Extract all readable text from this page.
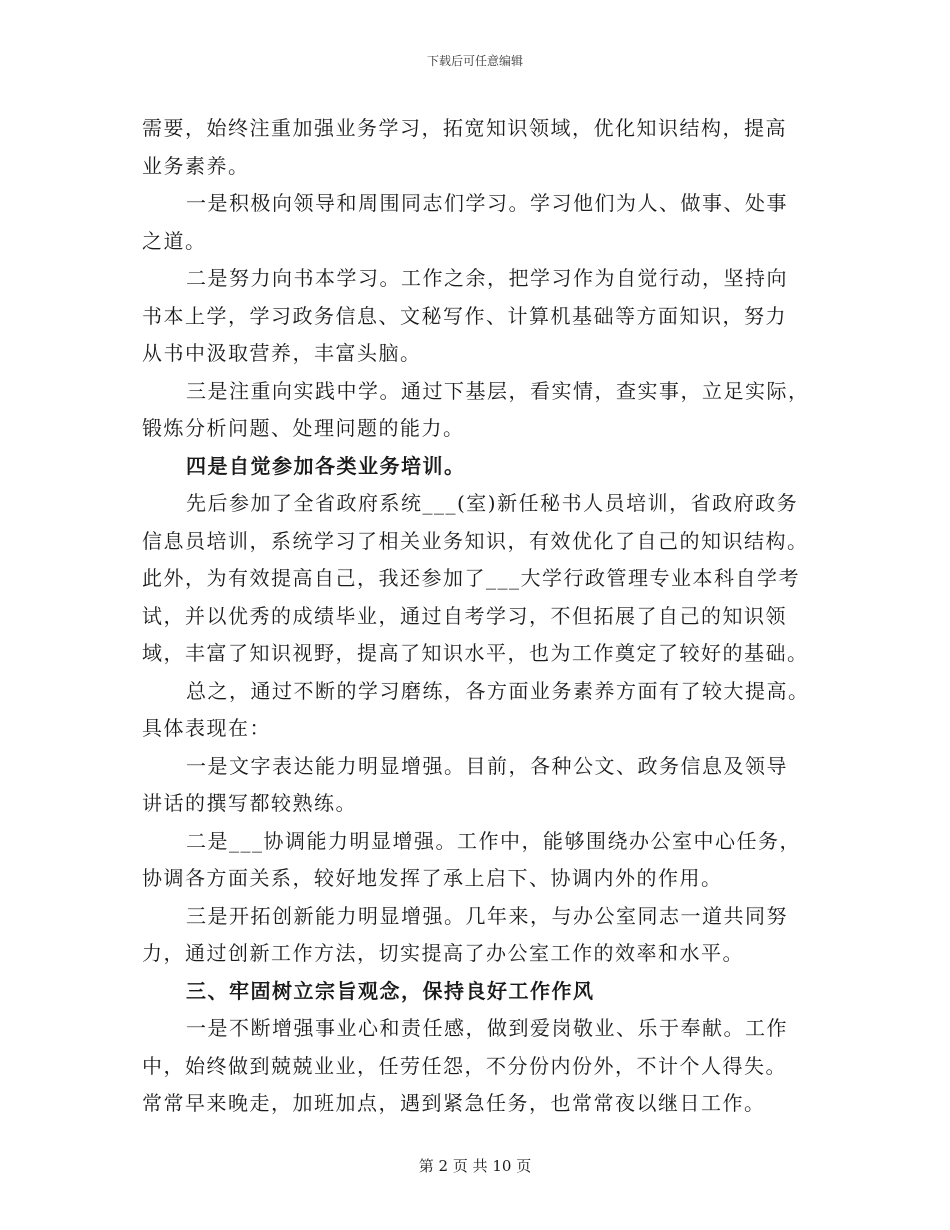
下载后可任意编辑
需要，始终注重加强业务学习，拓宽知识领域，优化知识结构，提高
业务素养。
一是积极向领导和周围同志们学习。学习他们为人、做事、处事
之道。
二是努力向书本学习。工作之余，把学习作为自觉行动，坚持向
书本上学，学习政务信息、文秘写作、计算机基础等方面知识，努力
从书中汲取营养，丰富头脑。
三是注重向实践中学。通过下基层，看实情，查实事，立足实际，
锻炼分析问题、处理问题的能力。
四是自觉参加各类业务培训。
先后参加了全省政府系统___(室)新任秘书人员培训，省政府政务
信息员培训，系统学习了相关业务知识，有效优化了自己的知识结构。
此外，为有效提高自己，我还参加了___大学行政管理专业本科自学考
试，并以优秀的成绩毕业，通过自考学习，不但拓展了自己的知识领
域，丰富了知识视野，提高了知识水平，也为工作奠定了较好的基础。
总之，通过不断的学习磨练，各方面业务素养方面有了较大提高。
具体表现在：
一是文字表达能力明显增强。目前，各种公文、政务信息及领导
讲话的撰写都较熟练。
二是___协调能力明显增强。工作中，能够围绕办公室中心任务，
协调各方面关系，较好地发挥了承上启下、协调内外的作用。
三是开拓创新能力明显增强。几年来，与办公室同志一道共同努
力，通过创新工作方法，切实提高了办公室工作的效率和水平。
三、牢固树立宗旨观念，保持良好工作作风
一是不断增强事业心和责任感，做到爱岗敬业、乐于奉献。工作
中，始终做到兢兢业业，任劳任怨，不分份内份外，不计个人得失。
常常早来晚走，加班加点，遇到紧急任务，也常常夜以继日工作。
第 2 页 共 10 页
